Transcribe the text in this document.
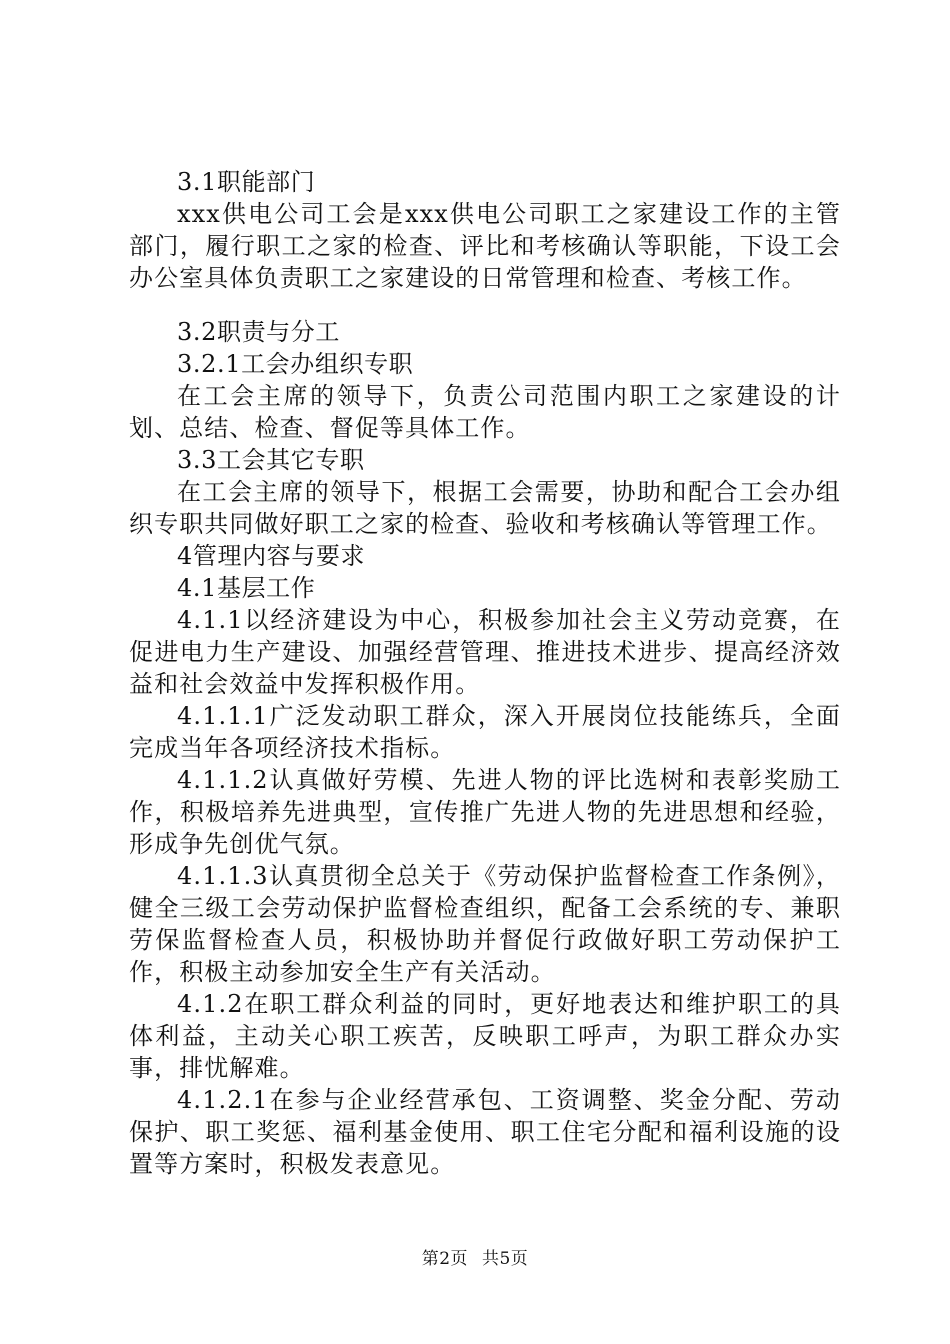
3.1职能部门

xxx供电公司工会是xxx供电公司职工之家建设工作的主管部门，履行职工之家的检查、评比和考核确认等职能，下设工会办公室具体负责职工之家建设的日常管理和检查、考核工作。

3.2职责与分工

3.2.1工会办组织专职

在工会主席的领导下，负责公司范围内职工之家建设的计划、总结、检查、督促等具体工作。

3.3工会其它专职

在工会主席的领导下，根据工会需要，协助和配合工会办组织专职共同做好职工之家的检查、验收和考核确认等管理工作。

4管理内容与要求

4.1基层工作

4.1.1以经济建设为中心，积极参加社会主义劳动竞赛，在促进电力生产建设、加强经营管理、推进技术进步、提高经济效益和社会效益中发挥积极作用。

4.1.1.1广泛发动职工群众，深入开展岗位技能练兵，全面完成当年各项经济技术指标。

4.1.1.2认真做好劳模、先进人物的评比选树和表彰奖励工作，积极培养先进典型，宣传推广先进人物的先进思想和经验，形成争先创优气氛。

4.1.1.3认真贯彻全总关于《劳动保护监督检查工作条例》，健全三级工会劳动保护监督检查组织，配备工会系统的专、兼职劳保监督检查人员，积极协助并督促行政做好职工劳动保护工作，积极主动参加安全生产有关活动。

4.1.2在职工群众利益的同时，更好地表达和维护职工的具体利益，主动关心职工疾苦，反映职工呼声，为职工群众办实事，排忧解难。

4.1.2.1在参与企业经营承包、工资调整、奖金分配、劳动保护、职工奖惩、福利基金使用、职工住宅分配和福利设施的设置等方案时，积极发表意见。

第2页 共5页
